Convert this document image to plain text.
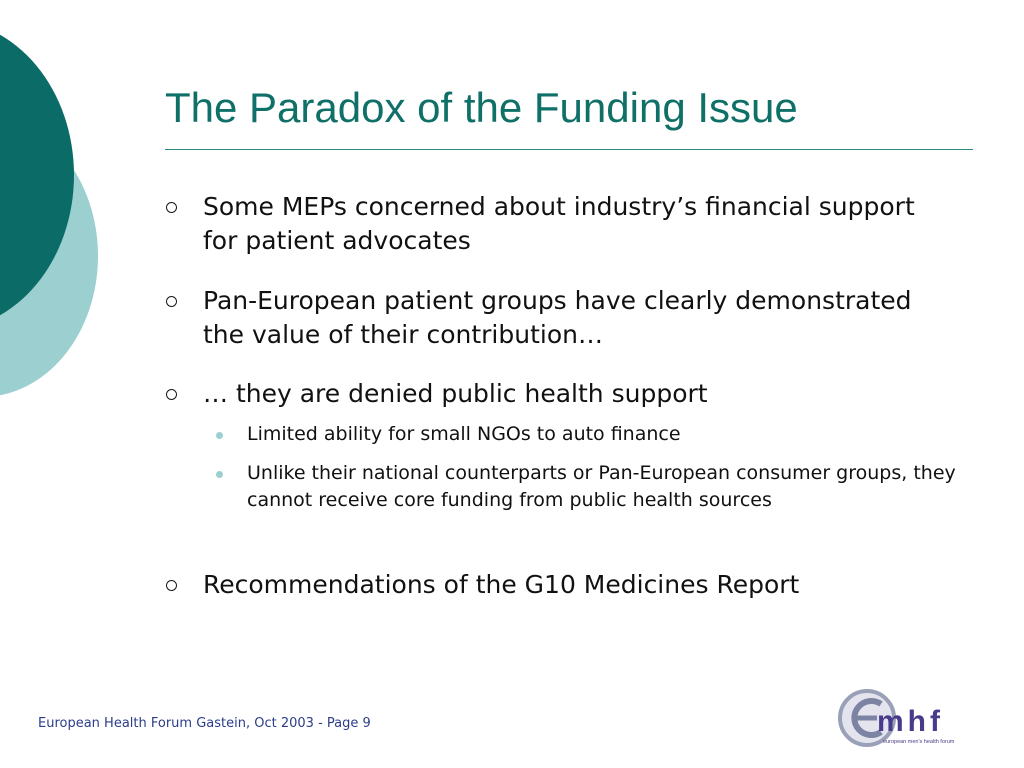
The Paradox of the Funding Issue
Some MEPs concerned about industry’s financial support for patient advocates
Pan-European patient groups have clearly demonstrated the value of their contribution…
… they are denied public health support
Limited ability for small NGOs to auto finance
Unlike their national counterparts or Pan-European consumer groups, they cannot receive core funding from public health sources
Recommendations of the G10 Medicines Report
European Health Forum Gastein, Oct 2003 - Page 9	mhf
european men's health forum
